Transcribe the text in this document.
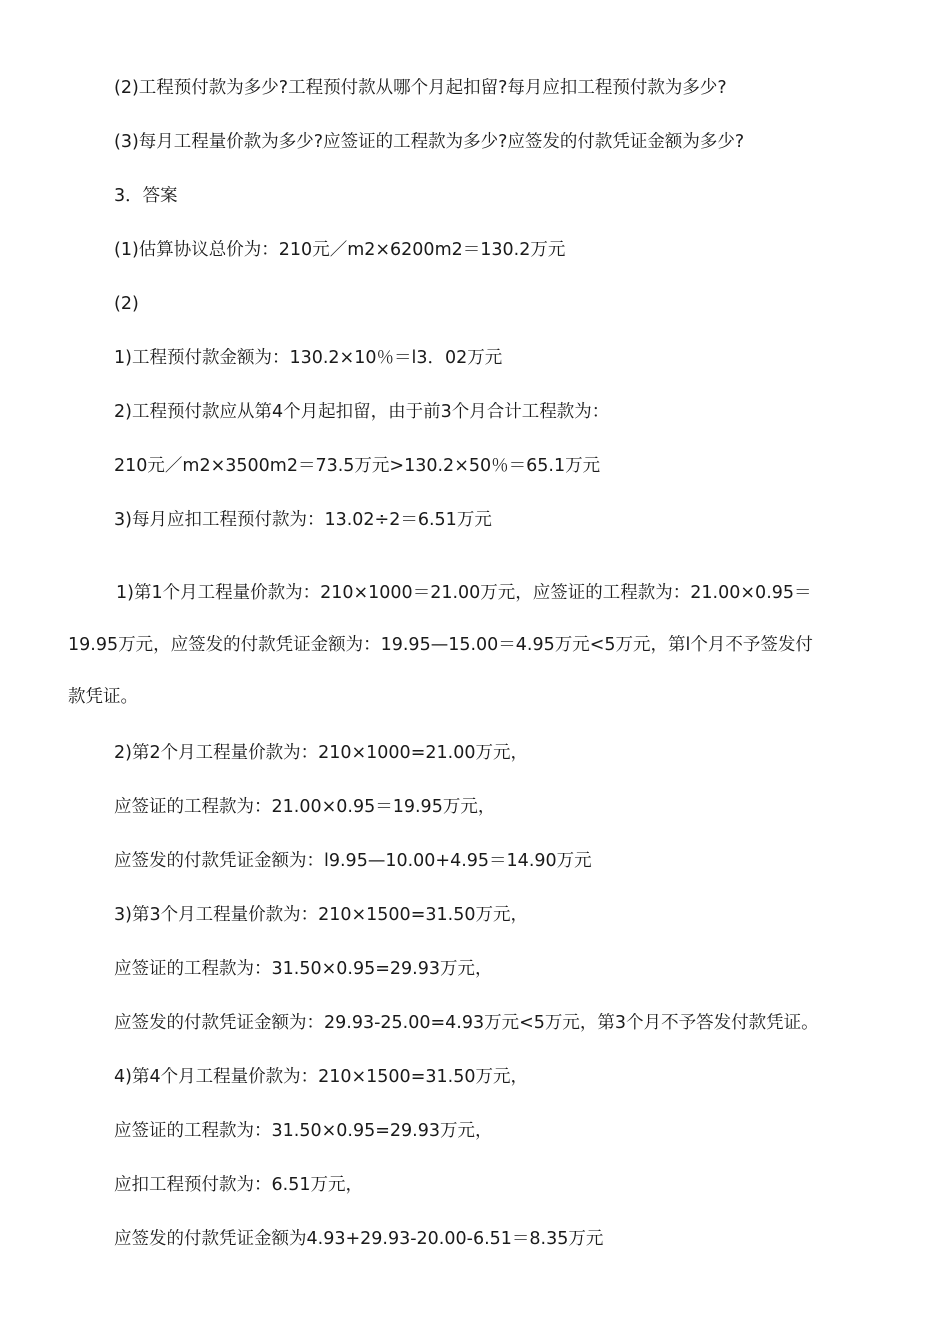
(2)工程预付款为多少?工程预付款从哪个月起扣留?每月应扣工程预付款为多少?
(3)每月工程量价款为多少?应签证的工程款为多少?应签发的付款凭证金额为多少?
3．答案
(1)估算协议总价为：210元／m2×6200m2＝130.2万元
(2)
1)工程预付款金额为：130.2×10％＝l3．02万元
2)工程预付款应从第4个月起扣留，由于前3个月合计工程款为：
210元／m2×3500m2＝73.5万元>130.2×50％＝65.1万元
3)每月应扣工程预付款为：13.02÷2＝6.51万元
1)第1个月工程量价款为：210×1000＝21.00万元，应签证的工程款为：21.00×0.95＝
19.95万元，应签发的付款凭证金额为：19.95—15.00＝4.95万元<5万元，第l个月不予签发付
款凭证。
2)第2个月工程量价款为：210×1000=21.00万元，
应签证的工程款为：21.00×0.95＝19.95万元，
应签发的付款凭证金额为：l9.95—10.00+4.95＝14.90万元
3)第3个月工程量价款为：210×1500=31.50万元，
应签证的工程款为：31.50×0.95=29.93万元，
应签发的付款凭证金额为：29.93-25.00=4.93万元<5万元，第3个月不予答发付款凭证。
4)第4个月工程量价款为：210×1500=31.50万元，
应签证的工程款为：31.50×0.95=29.93万元，
应扣工程预付款为：6.51万元，
应签发的付款凭证金额为4.93+29.93-20.00-6.51＝8.35万元
